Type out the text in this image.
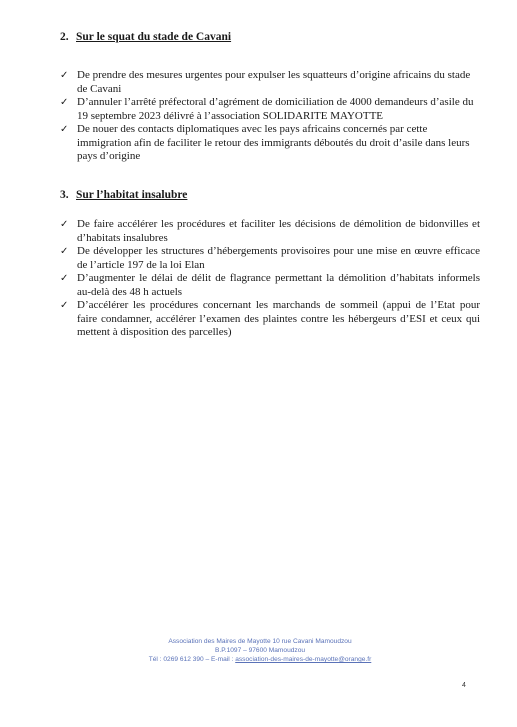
2. Sur le squat du stade de Cavani

✓ De prendre des mesures urgentes pour expulser les squatteurs d’origine africains du stade de Cavani
✓ D’annuler l’arrêté préfectoral d’agrément de domiciliation de 4000 demandeurs d’asile du 19 septembre 2023 délivré à l’association SOLIDARITE MAYOTTE
✓ De nouer des contacts diplomatiques avec les pays africains concernés par cette immigration afin de faciliter le retour des immigrants déboutés du droit d’asile dans leurs pays d’origine

3. Sur l’habitat insalubre

✓ De faire accélérer les procédures et faciliter les décisions de démolition de bidonvilles et d’habitats insalubres
✓ De développer les structures d’hébergements provisoires pour une mise en œuvre efficace de l’article 197 de la loi Elan
✓ D’augmenter le délai de délit de flagrance permettant la démolition d’habitats informels au-delà des 48 h actuels
✓ D’accélérer les procédures concernant les marchands de sommeil (appui de l’Etat pour faire condamner, accélérer l’examen des plaintes contre les hébergeurs d’ESI et ceux qui mettent à disposition des parcelles)
Association des Maires de Mayotte 10 rue Cavani Mamoudzou
B.P.1097 – 97600 Mamoudzou
Tél : 0269 612 390 – E-mail : association-des-maires-de-mayotte@orange.fr
4
